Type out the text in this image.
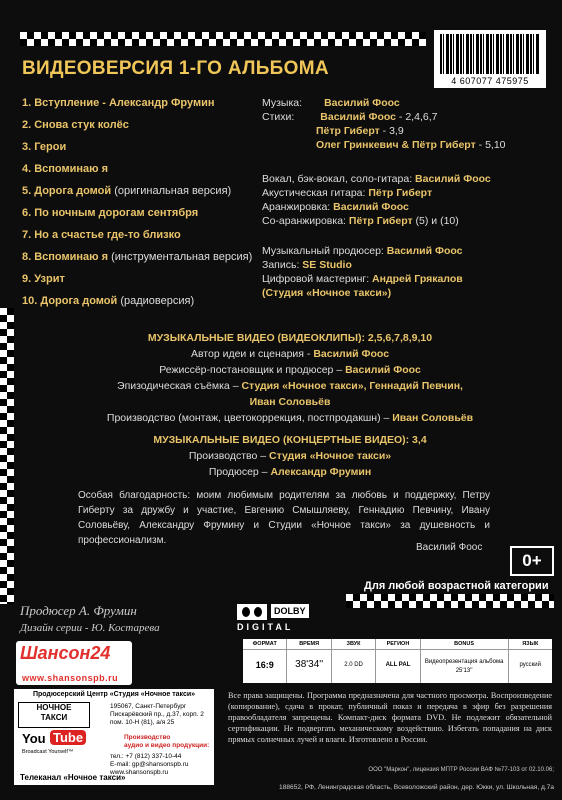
ВИДЕОВЕРСИЯ 1-ГО АЛЬБОМА
4 607077 475975
1. Вступление - Александр Фрумин
2. Снова стук колёс
3. Герои
4. Вспоминаю я
5. Дорога домой (оригинальная версия)
6. По ночным дорогам сентября
7. Но а счастье где-то близко
8. Вспоминаю я (инструментальная версия)
9. Узрит
10. Дорога домой (радиоверсия)
Музыка: Василий Фоос
Стихи: Василий Фоос - 2,4,6,7
Пётр Гиберт - 3,9
Олег Гринкевич & Пётр Гиберт - 5,10
Вокал, бэк-вокал, соло-гитара: Василий Фоос
Акустическая гитара: Пётр Гиберт
Аранжировка: Василий Фоос
Со-аранжировка: Пётр Гиберт (5) и (10)
Музыкальный продюсер: Василий Фоос
Запись: SE Studio
Цифровой мастеринг: Андрей Грякалов
(Студия «Ночное такси»)
МУЗЫКАЛЬНЫЕ ВИДЕО (ВИДЕОКЛИПЫ): 2,5,6,7,8,9,10
Автор идеи и сценария - Василий Фоос
Режиссёр-постановщик и продюсер – Василий Фоос
Эпизодическая съёмка – Студия «Ночное такси», Геннадий Певчин,
Иван Соловьёв
Производство (монтаж, цветокоррекция, постпродакшн) – Иван Соловьёв
МУЗЫКАЛЬНЫЕ ВИДЕО (КОНЦЕРТНЫЕ ВИДЕО): 3,4
Производство – Студия «Ночное такси»
Продюсер – Александр Фрумин
Особая благодарность: моим любимым родителям за любовь и поддержку, Петру Гиберту за дружбу и участие, Евгению Смышляеву, Геннадию Певчину, Ивану Соловьёву, Александру Фрумину и Студии «Ночное такси» за душевность и профессионализм.
Василий Фоос
0+
Для любой возрастной категории
Продюсер А. Фрумин
Дизайн серии - Ю. Костарева
DOLBY
DIGITAL
ФОРМАТ
16:9
ВРЕМЯ
38'34''
ЗВУК
2.0 DD
РЕГИОН
ALL PAL
BONUS
Видеопрезентация альбома 25'13''
ЯЗЫК
русский
Шансон24
www.shansonspb.ru
Продюсерский Центр «Студия «Ночное такси»
НОЧНОЕ
ТАКСИ
You Tube
Broadcast Yourself™
195067, Санкт-Петербург
Пискарёвский пр., д.37, корп. 2
пом. 10-Н (81), а/я 25
Производство
аудио и видео продукции:
тел.: +7 (812) 337-10-44
E-mail: gp@shansonspb.ru
www.shansonspb.ru
Телеканал «Ночное такси»
Все права защищены. Программа предназначена для частного просмотра. Воспроизведение (копирование), сдача в прокат, публичный показ и передача в эфир без разрешения правообладателя запрещены. Компакт-диск формата DVD. Не подлежит обязательной сертификации. Не подвергать механическому воздействию. Избегать попадания на диск прямых солнечных лучей и влаги. Изготовлено в России.
ООО "Маркон", лицензия МПТР России ВАФ №77-103 от 02.10.06;
188652, РФ, Ленинградская область, Всеволожский район, дер. Юкки, ул. Школьная, д.7а
